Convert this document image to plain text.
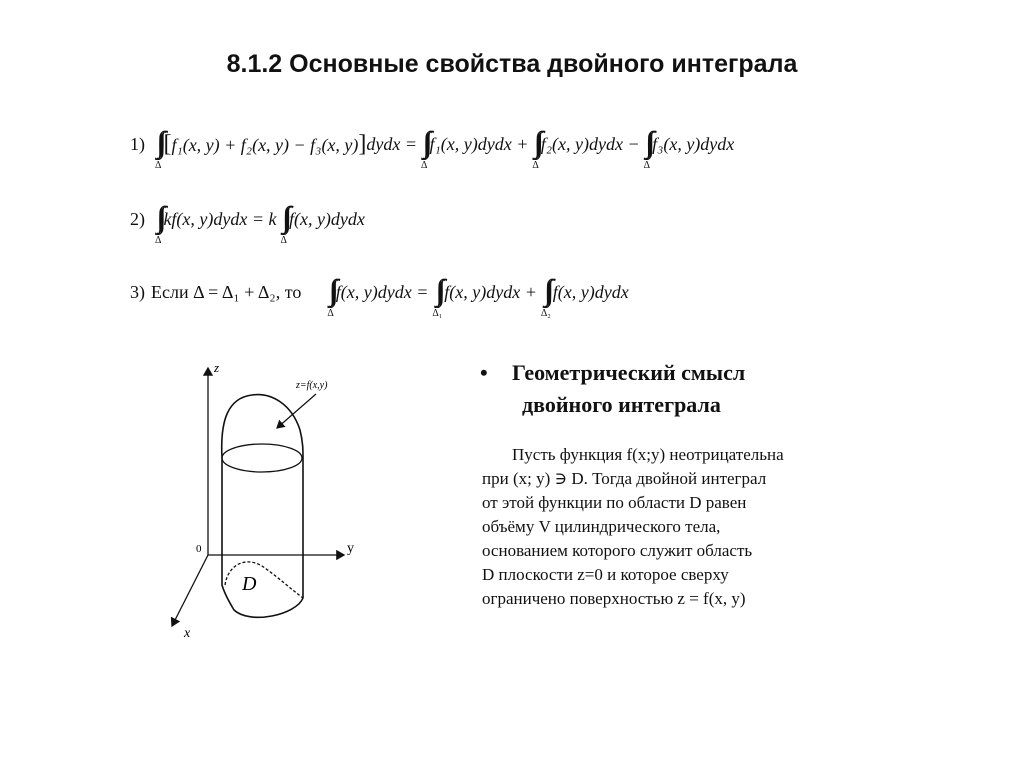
8.1.2 Основные свойства двойного интеграла
1)
Δ
[f₁(x, y) + f₂(x, y) − f₃(x, y)] dydx =
Δ
f₁(x, y)dydx +
Δ
f₂(x, y)dydx −
Δ
f₃(x, y)dydx
2)
Δ
kf(x, y)dydx = k
Δ
f(x, y)dydx
3) Если Δ = Δ₁ + Δ₂, то
Δ
f(x, y)dydx =
Δ₁
f(x, y)dydx +
Δ₂
f(x, y)dydx
z
y
x
0
z=f(x,y)
D
• Геометрический смысл
двойного интеграла
Пусть функция f(x;y) неотрицательна
при (x; y) ∋ D. Тогда двойной интеграл
от этой функции по области D равен
объёму V цилиндрического тела,
основанием которого служит область
D плоскости z=0 и которое сверху
ограничено поверхностью z = f(x, y)
